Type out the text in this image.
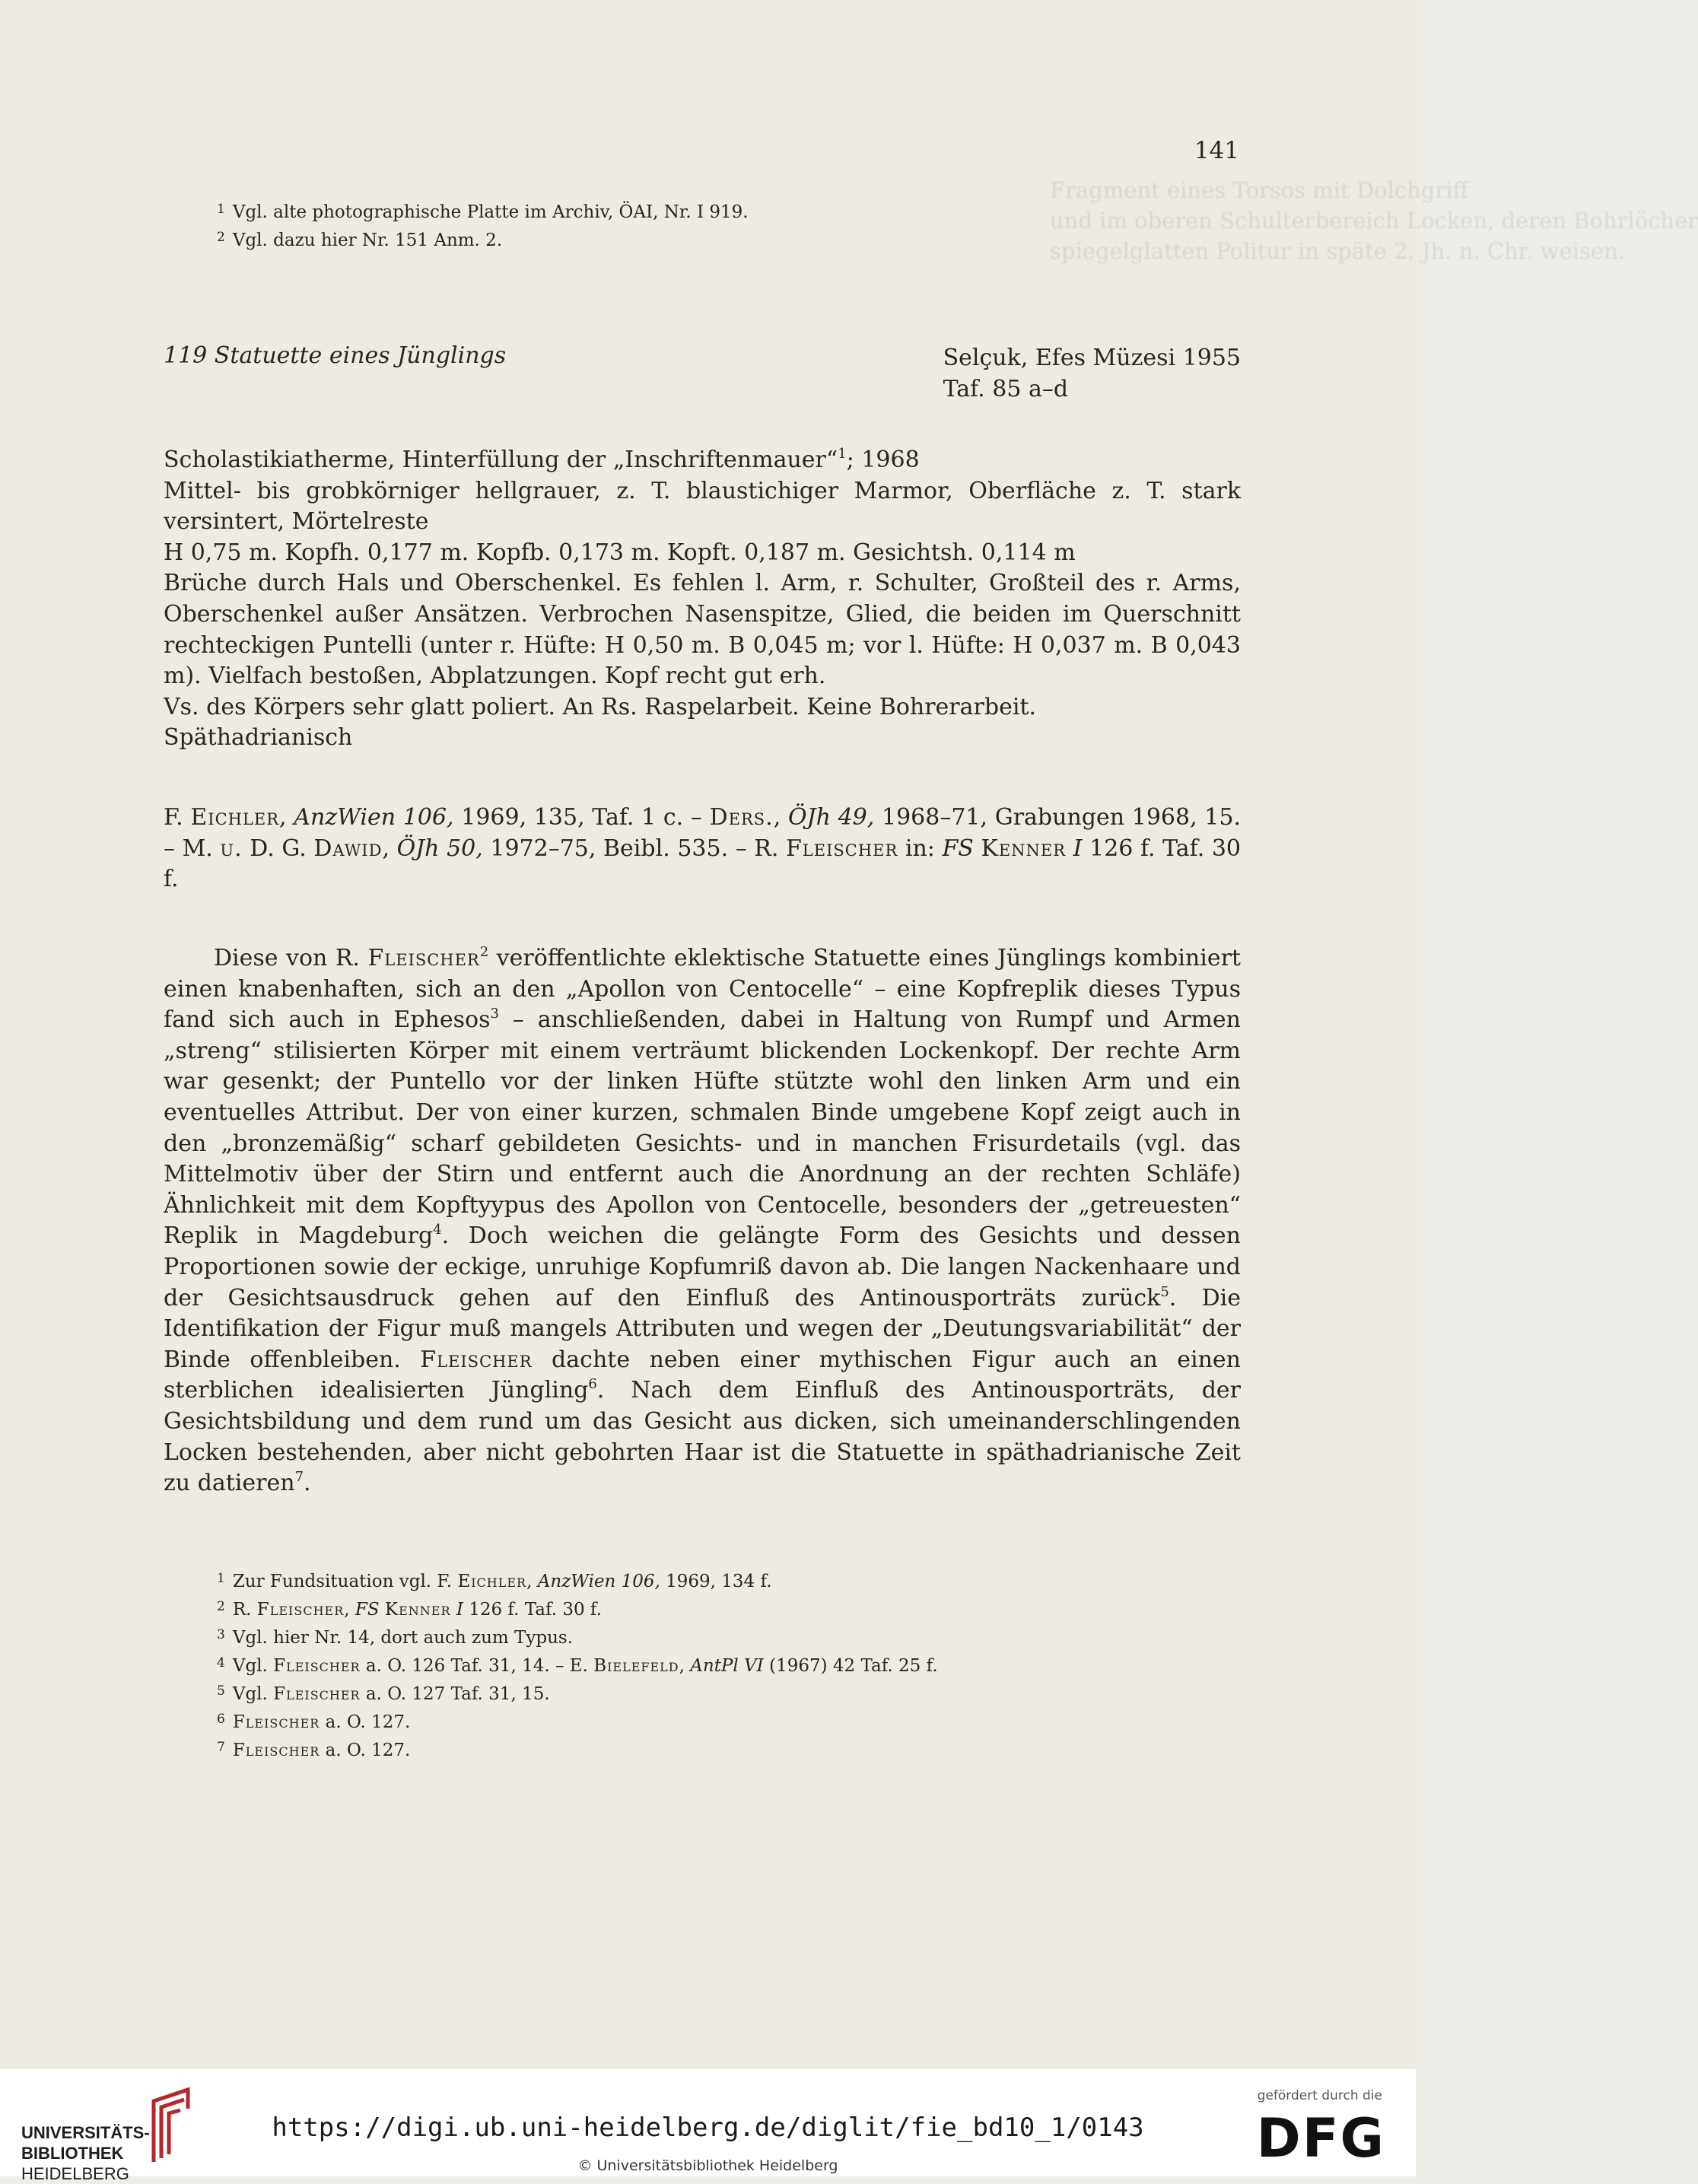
Fragment eines Torsos mit Dolchgriff
und im oberen Schulterbereich Locken, deren Bohrlöcher
spiegelglatten Politur in späte 2. Jh. n. Chr. weisen.
141
$^1$ Vgl. alte photographische Platte im Archiv, ÖAI, Nr. I 919.
$^2$ Vgl. dazu hier Nr. 151 Anm. 2.
119 Statuette eines Jünglings	Selçuk, Efes Müzesi 1955
Taf. 85 a–d
Scholastikiatherme, Hinterfüllung der „Inschriftenmauer“$^1$; 1968
Mittel- bis grobkörniger hellgrauer, z. T. blaustichiger Marmor, Oberfläche z. T. stark versintert, Mörtelreste
H 0,75 m. Kopfh. 0,177 m. Kopfb. 0,173 m. Kopft. 0,187 m. Gesichtsh. 0,114 m
Brüche durch Hals und Oberschenkel. Es fehlen l. Arm, r. Schulter, Großteil des r. Arms, Oberschenkel außer Ansätzen. Verbrochen Nasenspitze, Glied, die beiden im Querschnitt rechteckigen Puntelli (unter r. Hüfte: H 0,50 m. B 0,045 m; vor l. Hüfte: H 0,037 m. B 0,043 m). Vielfach bestoßen, Abplatzungen. Kopf recht gut erh.
Vs. des Körpers sehr glatt poliert. An Rs. Raspelarbeit. Keine Bohrerarbeit.
Späthadrianisch
F. Eichler, AnzWien 106, 1969, 135, Taf. 1 c. – Ders., ÖJh 49, 1968–71, Grabungen 1968, 15. – M. u. D. G. Dawid, ÖJh 50, 1972–75, Beibl. 535. – R. Fleischer in: FS Kenner I 126 f. Taf. 30 f.
Diese von R. Fleischer$^2$ veröffentlichte eklektische Statuette eines Jünglings kombiniert einen knabenhaften, sich an den „Apollon von Centocelle“ – eine Kopfreplik dieses Typus fand sich auch in Ephesos$^3$ – anschließenden, dabei in Haltung von Rumpf und Armen „streng“ stilisierten Körper mit einem verträumt blickenden Lockenkopf. Der rechte Arm war gesenkt; der Puntello vor der linken Hüfte stützte wohl den linken Arm und ein eventuelles Attribut. Der von einer kurzen, schmalen Binde umgebene Kopf zeigt auch in den „bronzemäßig“ scharf gebildeten Gesichts- und in manchen Frisurdetails (vgl. das Mittelmotiv über der Stirn und entfernt auch die Anordnung an der rechten Schläfe) Ähnlichkeit mit dem Kopftyypus des Apollon von Centocelle, besonders der „getreuesten“ Replik in Magdeburg$^4$. Doch weichen die gelängte Form des Gesichts und dessen Proportionen sowie der eckige, unruhige Kopfumriß davon ab. Die langen Nackenhaare und der Gesichtsausdruck gehen auf den Einfluß des Antinousporträts zurück$^5$. Die Identifikation der Figur muß mangels Attributen und wegen der „Deutungsvariabilität“ der Binde offenbleiben. Fleischer dachte neben einer mythischen Figur auch an einen sterblichen idealisierten Jüngling$^6$. Nach dem Einfluß des Antinousporträts, der Gesichtsbildung und dem rund um das Gesicht aus dicken, sich umeinanderschlingenden Locken bestehenden, aber nicht gebohrten Haar ist die Statuette in späthadrianische Zeit zu datieren$^7$.
$^1$ Zur Fundsituation vgl. F. Eichler, AnzWien 106, 1969, 134 f.
$^2$ R. Fleischer, FS Kenner I 126 f. Taf. 30 f.
$^3$ Vgl. hier Nr. 14, dort auch zum Typus.
$^4$ Vgl. Fleischer a. O. 126 Taf. 31, 14. – E. Bielefeld, AntPl VI (1967) 42 Taf. 25 f.
$^5$ Vgl. Fleischer a. O. 127 Taf. 31, 15.
$^6$ Fleischer a. O. 127.
$^7$ Fleischer a. O. 127.
UNIVERSITÄTS-
BIBLIOTHEK
HEIDELBERG
https://digi.ub.uni-heidelberg.de/diglit/fie_bd10_1/0143
© Universitätsbibliothek Heidelberg
gefördert durch die
DFG
